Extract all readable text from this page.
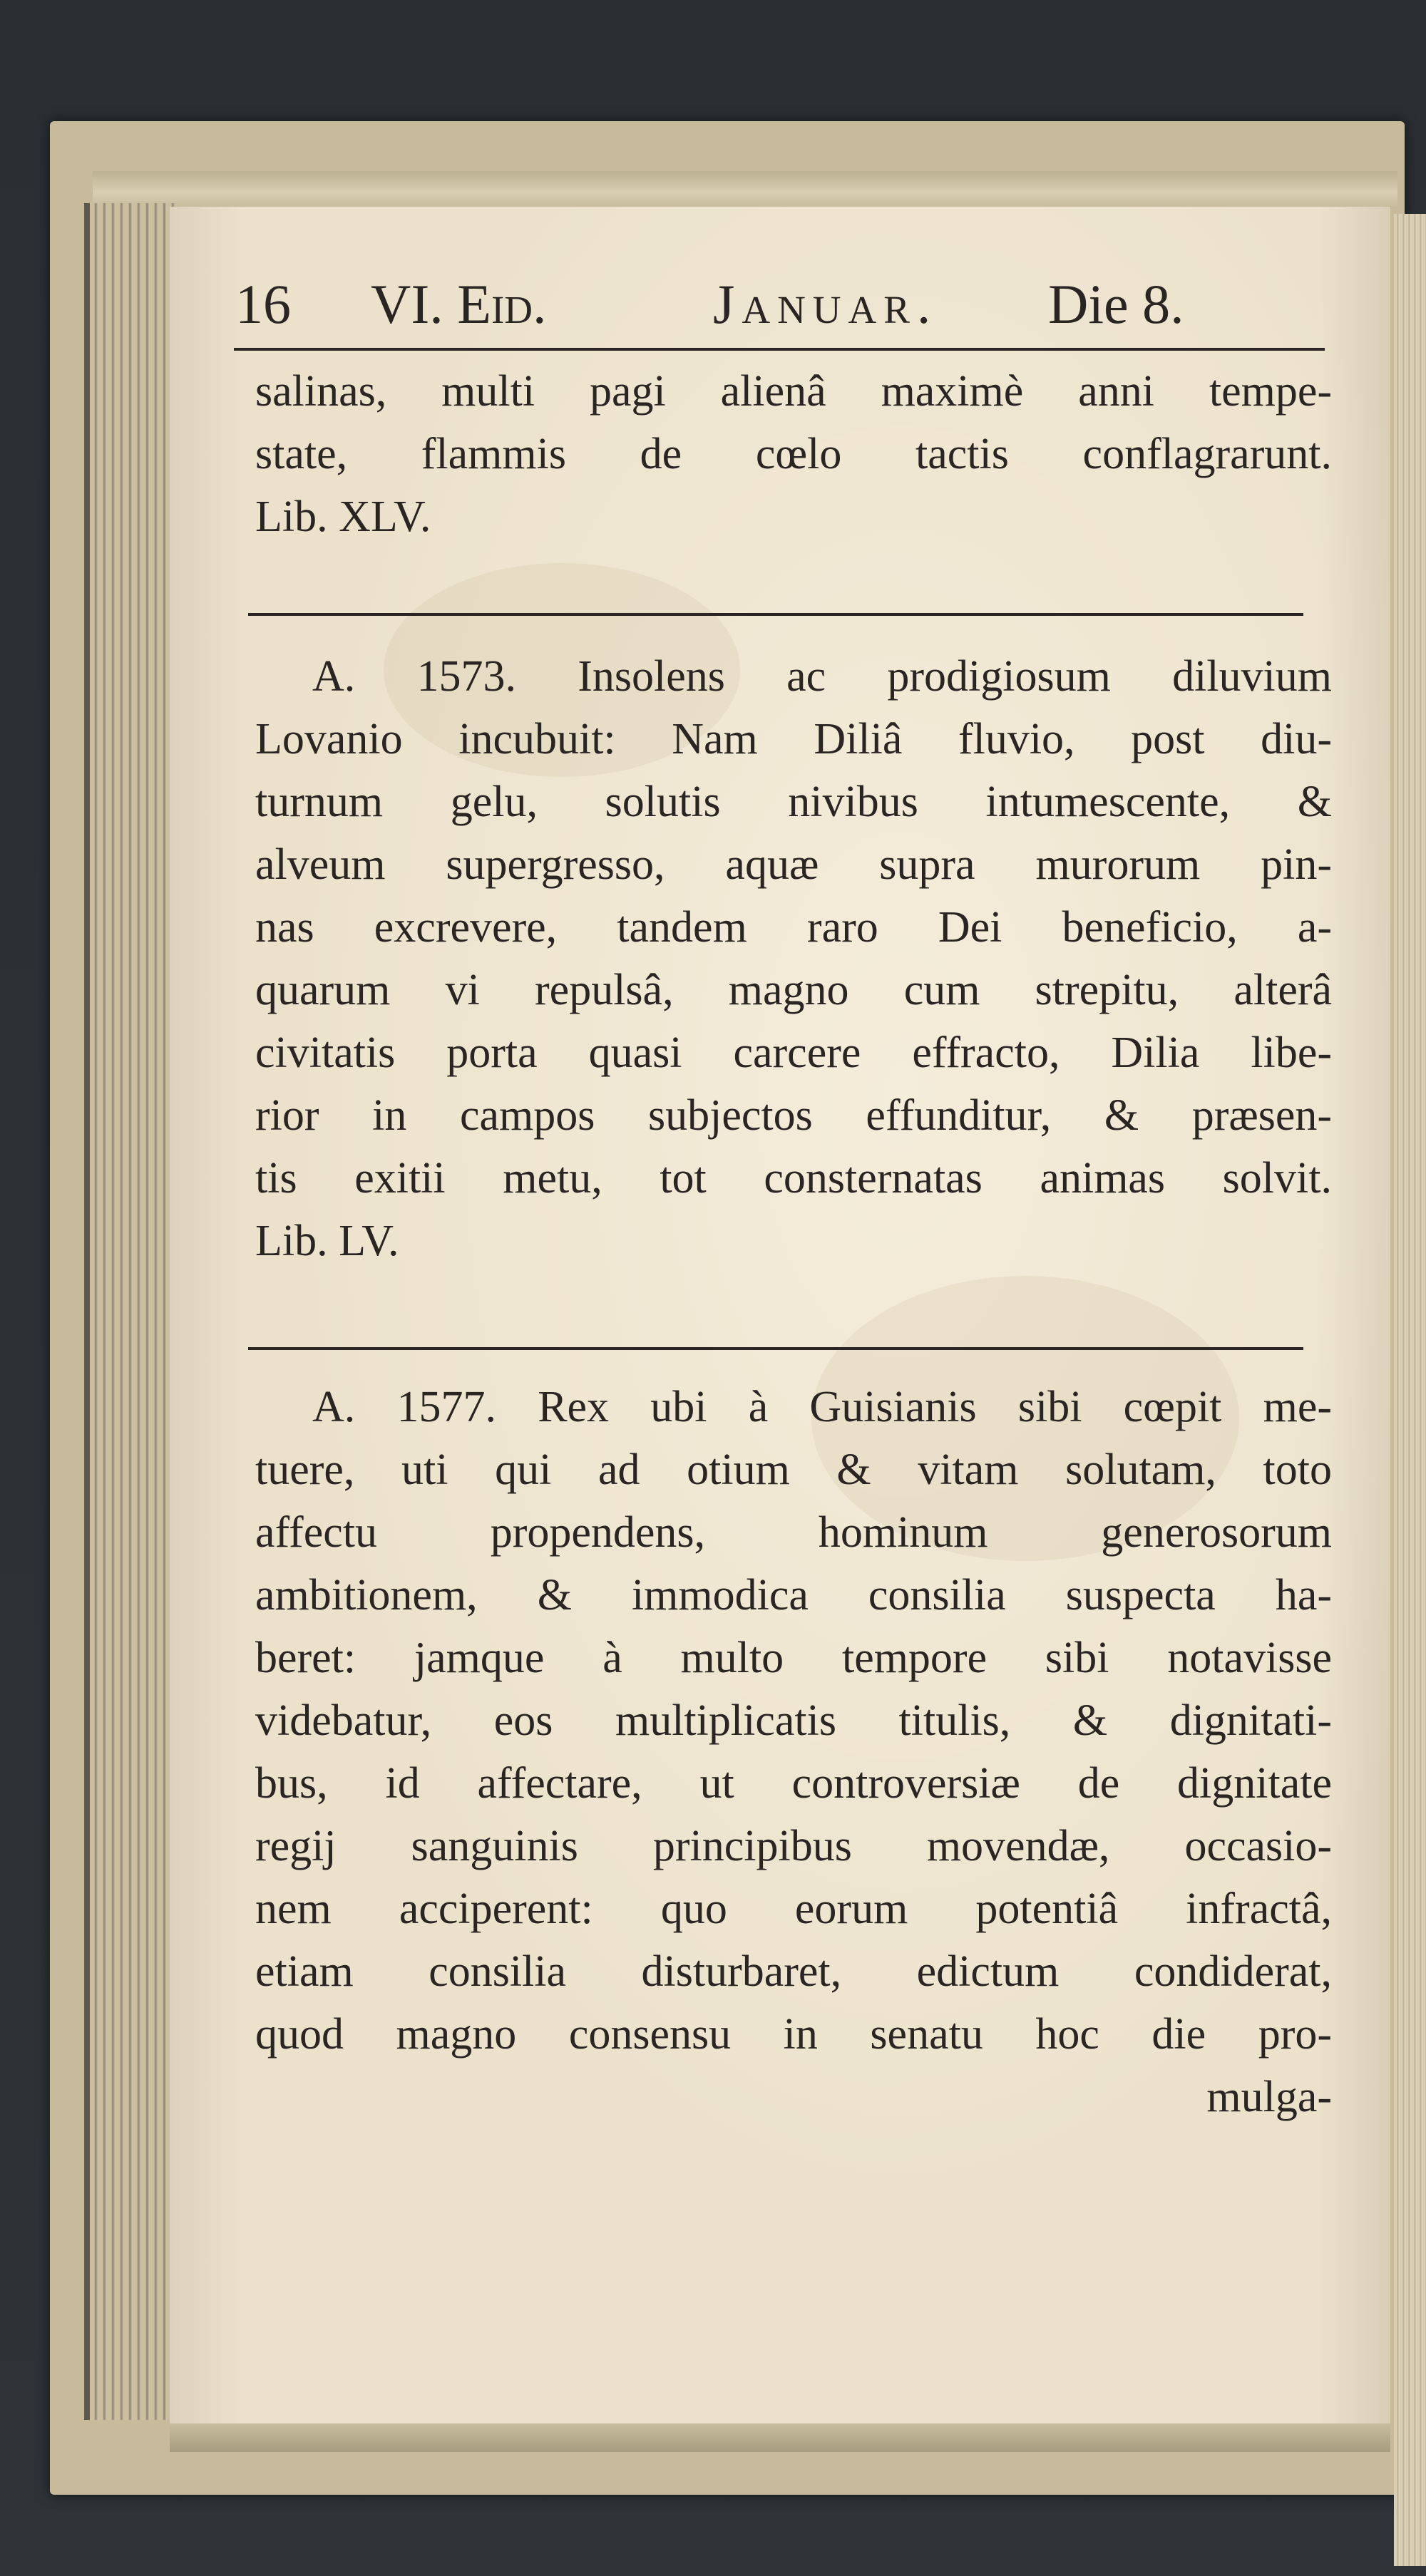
16 VI. Eid.	Januar. Die 8.
salinas, multi pagi alienâ maximè anni tempe-
state, flammis de cœlo tactis conflagrarunt.
Lib. XLV.
A. 1573. Insolens ac prodigiosum diluvium
Lovanio incubuit: Nam Diliâ fluvio, post diu-
turnum gelu, solutis nivibus intumescente, &
alveum supergresso, aquæ supra murorum pin-
nas excrevere, tandem raro Dei beneficio, a-
quarum vi repulsâ, magno cum strepitu, alterâ
civitatis porta quasi carcere effracto, Dilia libe-
rior in campos subjectos effunditur, & præsen-
tis exitii metu, tot consternatas animas solvit.
Lib. LV.
A. 1577. Rex ubi à Guisianis sibi cœpit me-
tuere, uti qui ad otium & vitam solutam, toto
affectu propendens, hominum generosorum
ambitionem, & immodica consilia suspecta ha-
beret: jamque à multo tempore sibi notavisse
videbatur, eos multiplicatis titulis, & dignitati-
bus, id affectare, ut controversiæ de dignitate
regij sanguinis principibus movendæ, occasio-
nem acciperent: quo eorum potentiâ infractâ,
etiam consilia disturbaret, edictum condiderat,
quod magno consensu in senatu hoc die pro-
mulga-
